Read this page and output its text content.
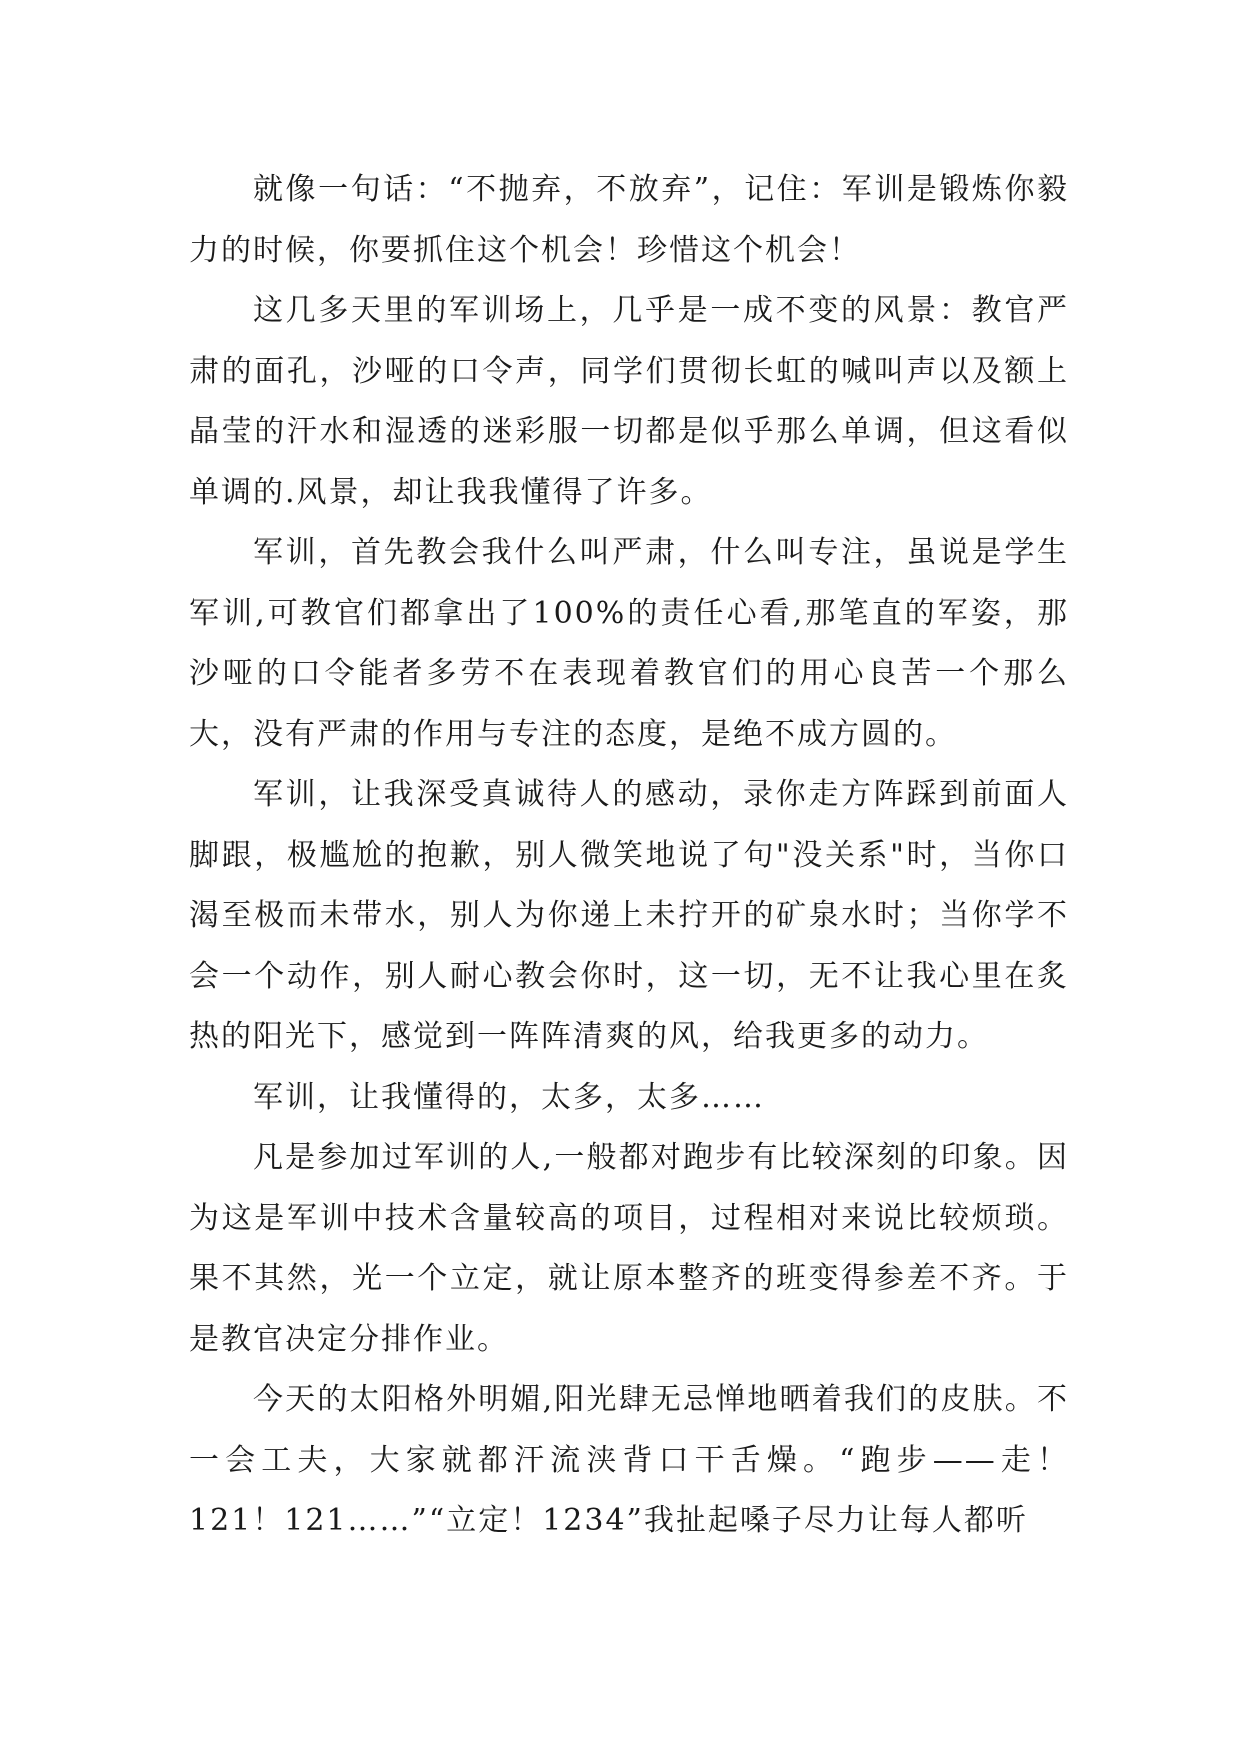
就像一句话：“不抛弃，不放弃”，记住：军训是锻炼你毅力的时候，你要抓住这个机会！珍惜这个机会！

这几多天里的军训场上，几乎是一成不变的风景：教官严肃的面孔，沙哑的口令声，同学们贯彻长虹的喊叫声以及额上晶莹的汗水和湿透的迷彩服一切都是似乎那么单调，但这看似单调的.风景，却让我我懂得了许多。

军训，首先教会我什么叫严肃，什么叫专注，虽说是学生军训,可教官们都拿出了100%的责任心看,那笔直的军姿，那沙哑的口令能者多劳不在表现着教官们的用心良苦一个那么大，没有严肃的作用与专注的态度，是绝不成方圆的。

军训，让我深受真诚待人的感动，录你走方阵踩到前面人脚跟，极尴尬的抱歉，别人微笑地说了句"没关系"时，当你口渴至极而未带水，别人为你递上未拧开的矿泉水时；当你学不会一个动作，别人耐心教会你时，这一切，无不让我心里在炙热的阳光下，感觉到一阵阵清爽的风，给我更多的动力。

军训，让我懂得的，太多，太多……

凡是参加过军训的人,一般都对跑步有比较深刻的印象。因为这是军训中技术含量较高的项目，过程相对来说比较烦琐。果不其然，光一个立定，就让原本整齐的班变得参差不齐。于是教官决定分排作业。

今天的太阳格外明媚,阳光肆无忌惮地晒着我们的皮肤。不一会工夫，大家就都汗流浃背口干舌燥。“跑步——走！121！121……”“立定！1234”我扯起嗓子尽力让每人都听
